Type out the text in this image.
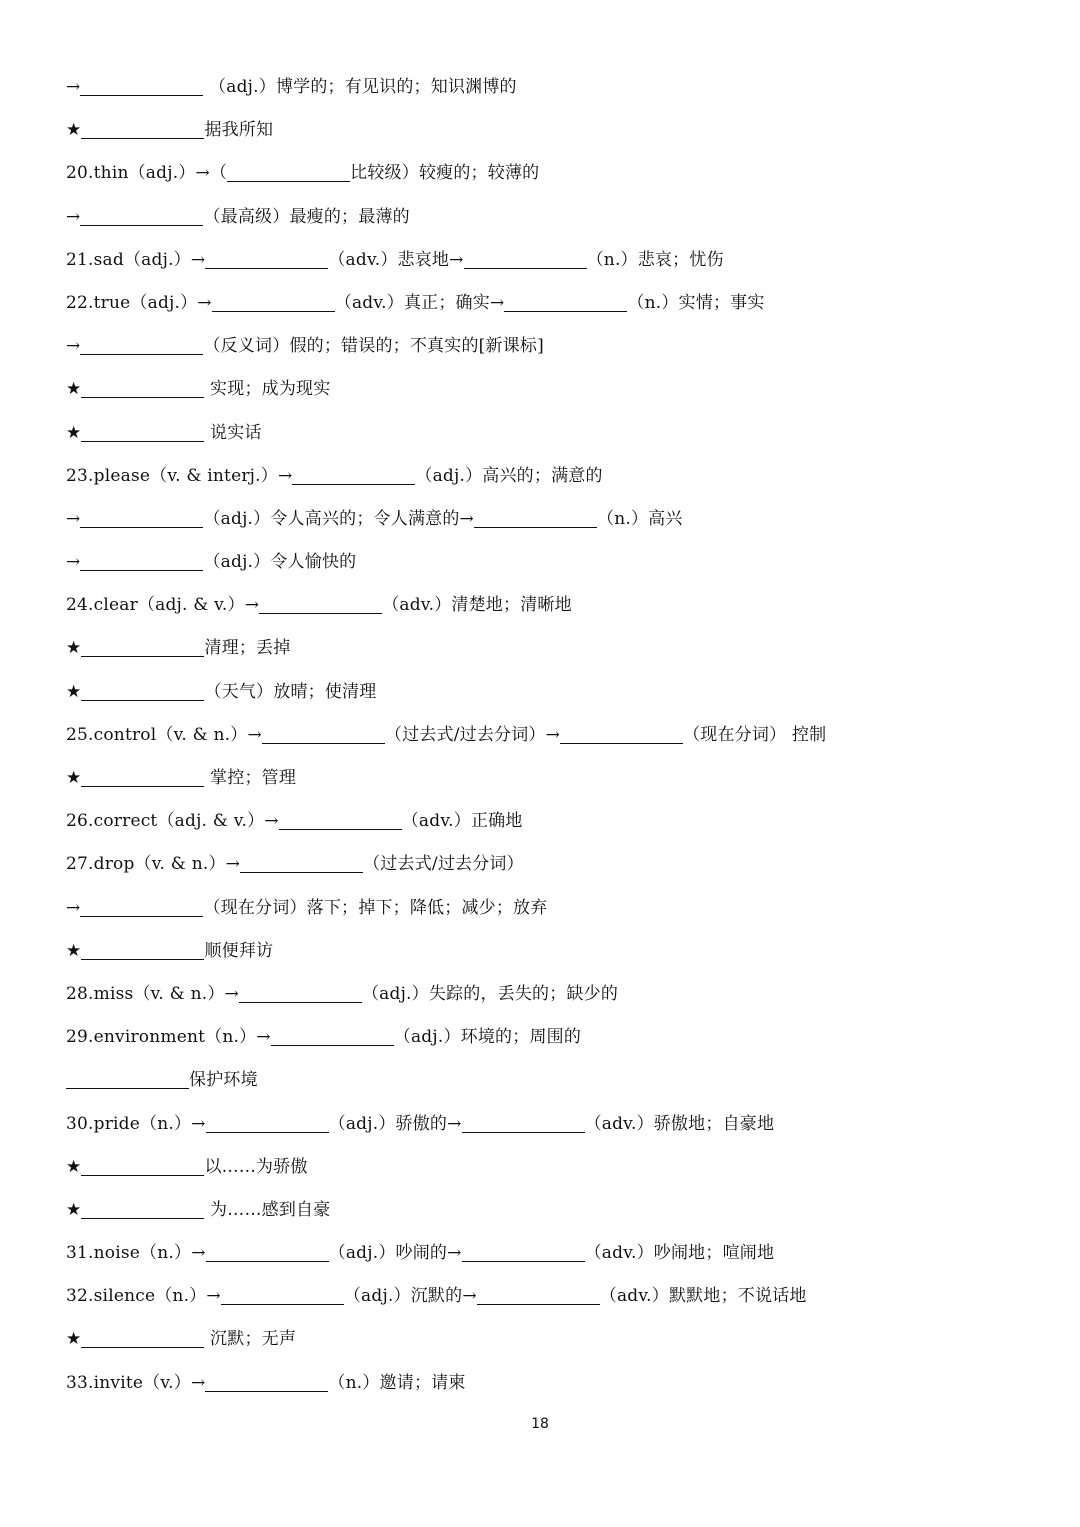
→	（adj.）博学的；有见识的；知识渊博的
★	据我所知
20.thin（adj.）→（	比较级）较瘦的；较薄的
→	（最高级）最瘦的；最薄的
21.sad（adj.）→	（adv.）悲哀地→	（n.）悲哀；忧伤
22.true（adj.）→	（adv.）真正；确实→	（n.）实情；事实
→	（反义词）假的；错误的；不真实的[新课标]
★	实现；成为现实
★	说实话
23.please（v. & interj.）→	（adj.）高兴的；满意的
→	（adj.）令人高兴的；令人满意的→	（n.）高兴
→	（adj.）令人愉快的
24.clear（adj. & v.）→	（adv.）清楚地；清晰地
★	清理；丢掉
★	（天气）放晴；使清理
25.control（v. & n.）→	（过去式/过去分词）→	（现在分词） 控制
★	掌控；管理
26.correct（adj. & v.）→	（adv.）正确地
27.drop（v. & n.）→	（过去式/过去分词）
→	（现在分词）落下；掉下；降低；减少；放弃
★	顺便拜访
28.miss（v. & n.）→	（adj.）失踪的，丢失的；缺少的
29.environment（n.）→	（adj.）环境的；周围的
保护环境
30.pride（n.）→	（adj.）骄傲的→	（adv.）骄傲地；自豪地
★	以……为骄傲
★	为……感到自豪
31.noise（n.）→	（adj.）吵闹的→	（adv.）吵闹地；喧闹地
32.silence（n.）→	（adj.）沉默的→	（adv.）默默地；不说话地
★	沉默；无声
33.invite（v.）→	（n.）邀请；请柬
18
